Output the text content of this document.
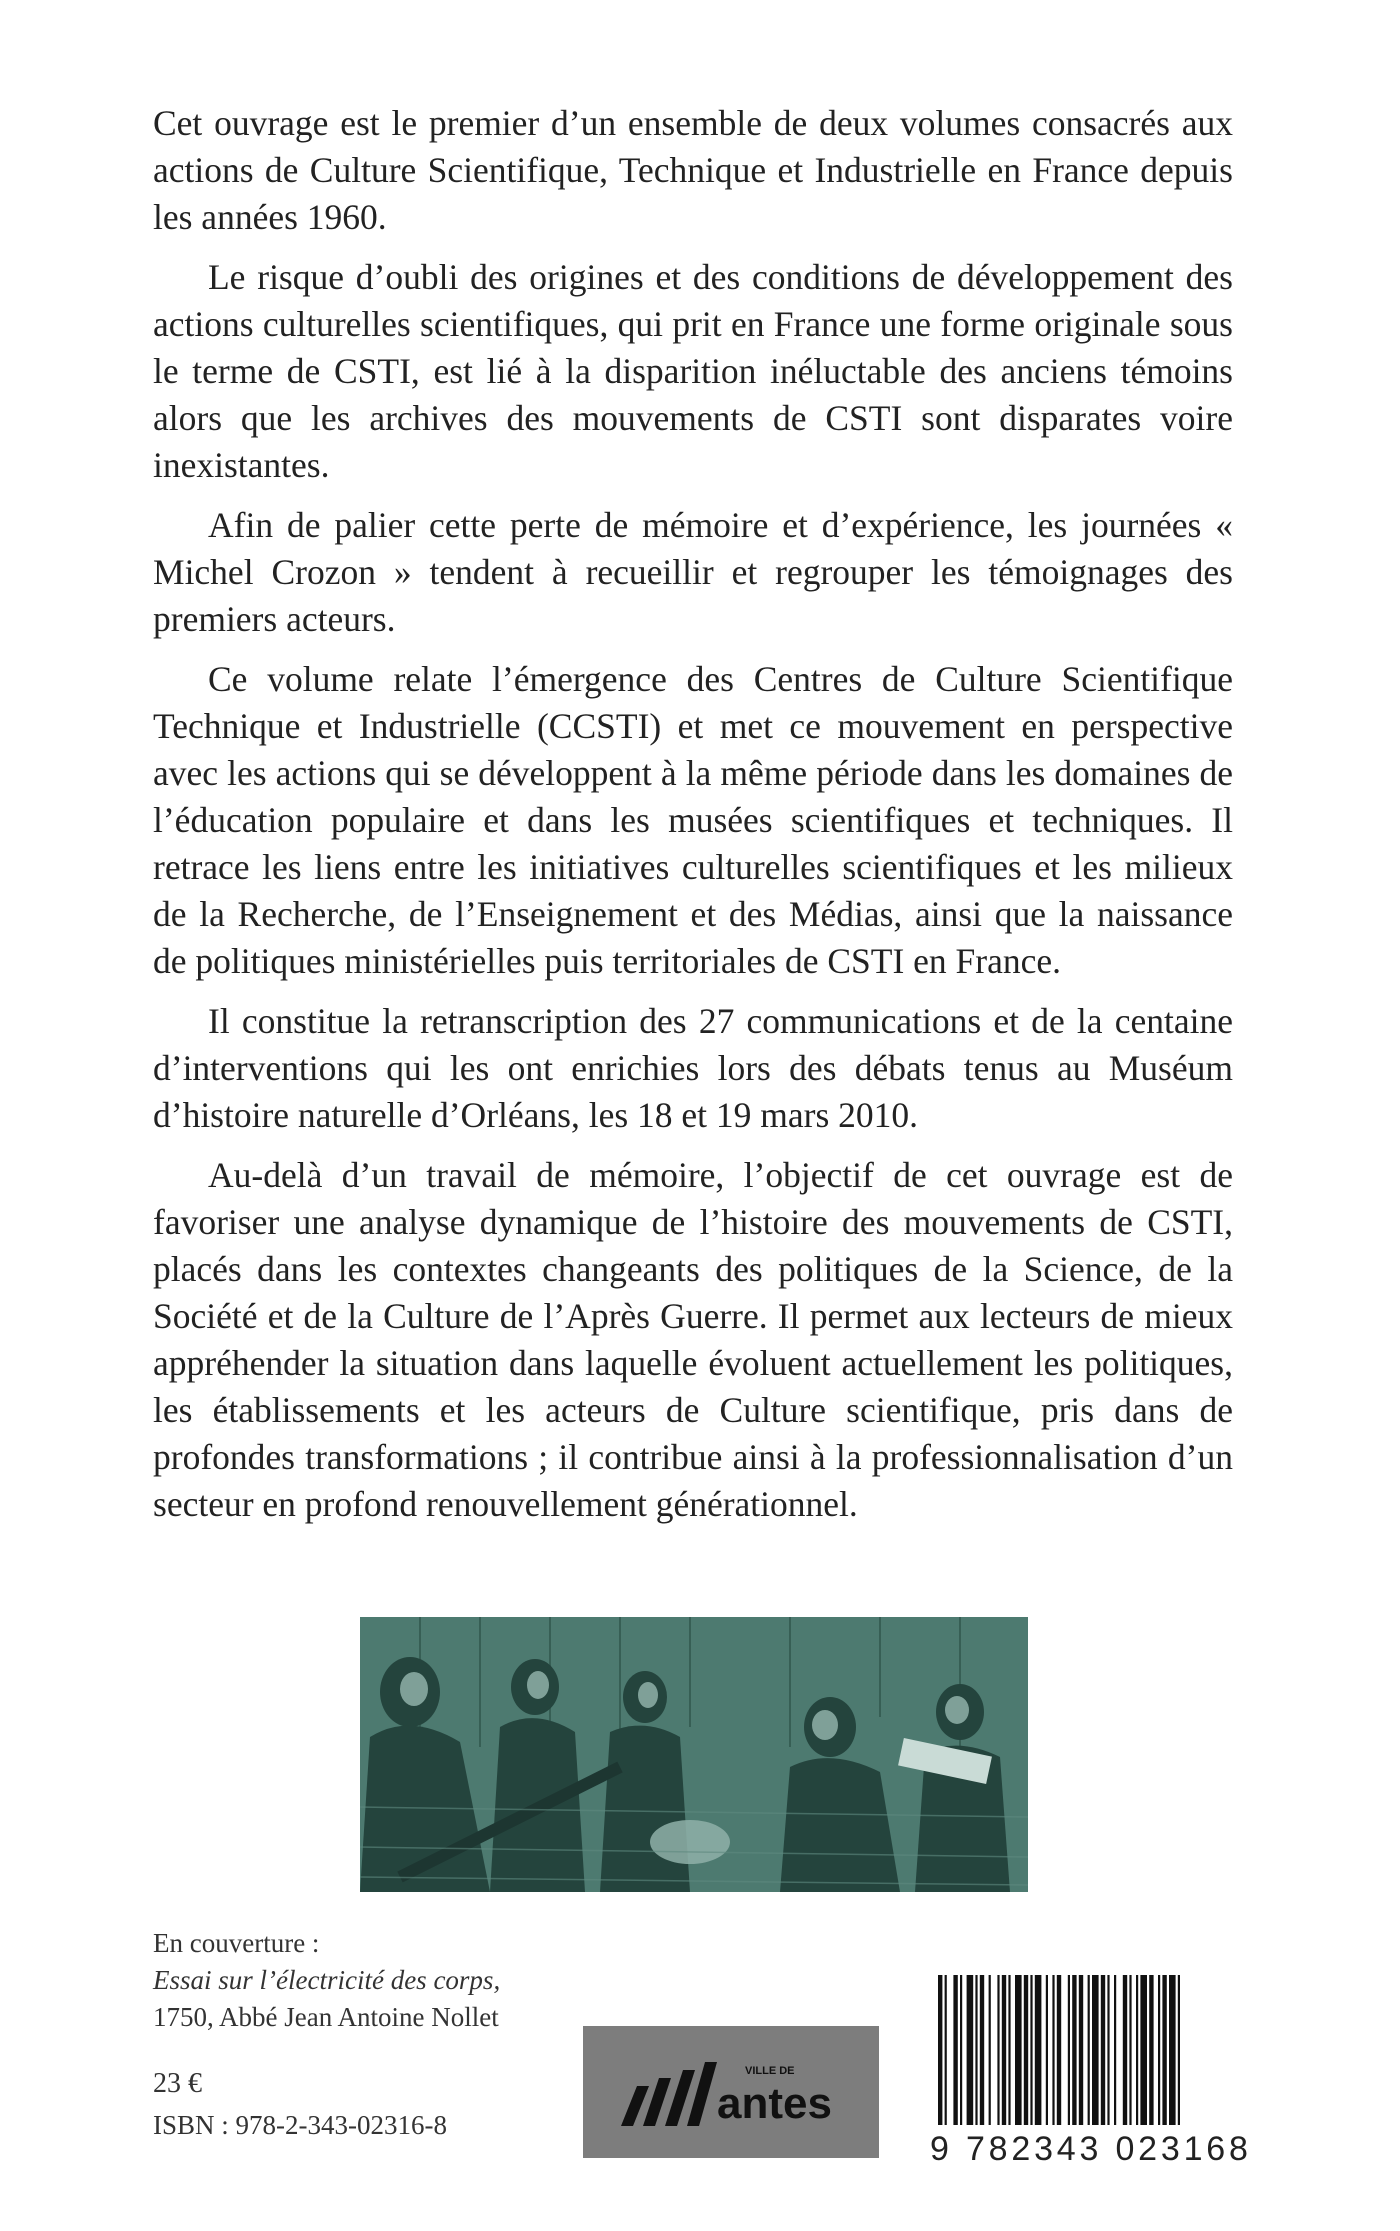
Cet ouvrage est le premier d’un ensemble de deux volumes consacrés aux actions de Culture Scientifique, Technique et Industrielle en France depuis les années 1960.

Le risque d’oubli des origines et des conditions de développement des actions culturelles scientifiques, qui prit en France une forme originale sous le terme de CSTI, est lié à la disparition inéluctable des anciens témoins alors que les archives des mouvements de CSTI sont disparates voire inexistantes.

Afin de palier cette perte de mémoire et d’expérience, les journées « Michel Crozon » tendent à recueillir et regrouper les témoignages des premiers acteurs.

Ce volume relate l’émergence des Centres de Culture Scientifique Technique et Industrielle (CCSTI) et met ce mouvement en perspective avec les actions qui se développent à la même période dans les domaines de l’éducation populaire et dans les musées scientifiques et techniques. Il retrace les liens entre les initiatives culturelles scientifiques et les milieux de la Recherche, de l’Enseignement et des Médias, ainsi que la naissance de politiques ministérielles puis territoriales de CSTI en France.

Il constitue la retranscription des 27 communications et de la centaine d’interventions qui les ont enrichies lors des débats tenus au Muséum d’histoire naturelle d’Orléans, les 18 et 19 mars 2010.

Au-delà d’un travail de mémoire, l’objectif de cet ouvrage est de favoriser une analyse dynamique de l’histoire des mouvements de CSTI, placés dans les contextes changeants des politiques de la Science, de la Société et de la Culture de l’Après Guerre. Il permet aux lecteurs de mieux appréhender la situation dans laquelle évoluent actuellement les politiques, les établissements et les acteurs de Culture scientifique, pris dans de profondes transformations ; il contribue ainsi à la professionnalisation d’un secteur en profond renouvellement générationnel.

En couverture :
Essai sur l’électricité des corps,
1750, Abbé Jean Antoine Nollet
23 €
ISBN : 978-2-343-02316-8
VILLE DE
antes
9 782343 023168
